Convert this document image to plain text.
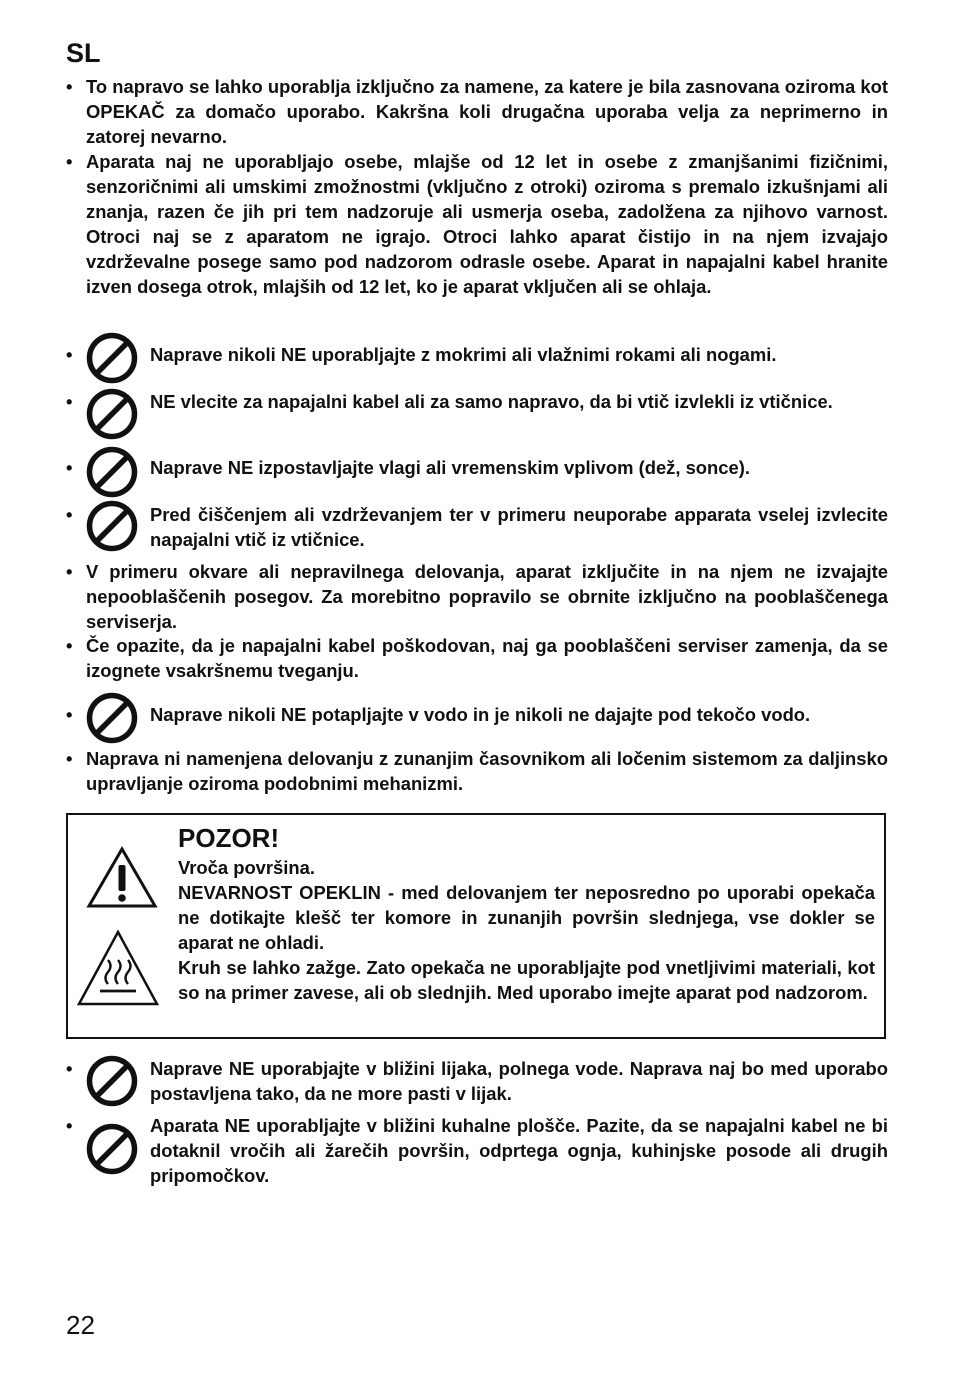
SL
• To napravo se lahko uporablja izključno za namene, za katere je bila zasnovana oziroma kot OPEKAČ za domačo uporabo. Kakršna koli drugačna uporaba velja za neprimerno in zatorej nevarno.
• Aparata naj ne uporabljajo osebe, mlajše od 12 let in osebe z zmanjšanimi fizičnimi, senzoričnimi ali umskimi zmožnostmi (vključno z otroki) oziroma s premalo izkušnjami ali znanja, razen če jih pri tem nadzoruje ali usmerja oseba, zadolžena za njihovo varnost. Otroci naj se z aparatom ne igrajo. Otroci lahko aparat čistijo in na njem izvajajo vzdrževalne posege samo pod nadzorom odrasle osebe. Aparat in napajalni kabel hranite izven dosega otrok, mlajših od 12 let, ko je aparat vključen ali se ohlaja.
•	Naprave nikoli NE uporabljajte z mokrimi ali vlažnimi rokami ali nogami.
•	NE vlecite za napajalni kabel ali za samo napravo, da bi vtič izvlekli iz vtičnice.
•	Naprave NE izpostavljajte vlagi ali vremenskim vplivom (dež, sonce).
•	Pred čiščenjem ali vzdrževanjem ter v primeru neuporabe apparata vselej izvlecite napajalni vtič iz vtičnice.
• V primeru okvare ali nepravilnega delovanja, aparat izključite in na njem ne izvajajte nepooblaščenih posegov. Za morebitno popravilo se obrnite izključno na pooblaščenega serviserja.
• Če opazite, da je napajalni kabel poškodovan, naj ga pooblaščeni serviser zamenja, da se izognete vsakršnemu tveganju.
•	Naprave nikoli NE potapljajte v vodo in je nikoli ne dajajte pod tekočo vodo.
• Naprava ni namenjena delovanju z zunanjim časovnikom ali ločenim sistemom za daljinsko upravljanje oziroma podobnimi mehanizmi.
POZOR!

Vroča površina.

NEVARNOST OPEKLIN - med delovanjem ter neposredno po uporabi opekača ne dotikajte klešč ter komore in zunanjih površin slednjega, vse dokler se aparat ne ohladi.

Kruh se lahko zažge. Zato opekača ne uporabljajte pod vnetljivimi materiali, kot so na primer zavese, ali ob slednjih. Med uporabo imejte aparat pod nadzorom.

•	Naprave NE uporabjajte v bližini lijaka, polnega vode. Naprava naj bo med uporabo postavljena tako, da ne more pasti v lijak.
•	Aparata NE uporabljajte v bližini kuhalne plošče. Pazite, da se napajalni kabel ne bi dotaknil vročih ali žarečih površin, odprtega ognja, kuhinjske posode ali drugih pripomočkov.
22
